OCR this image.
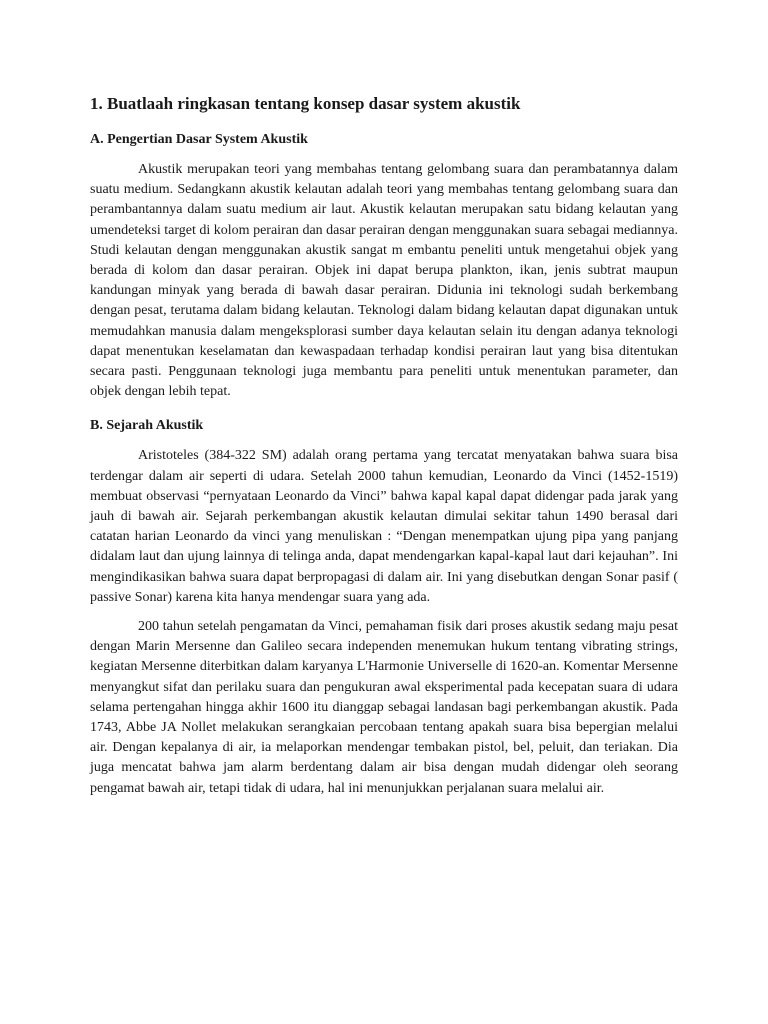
1. Buatlaah ringkasan tentang konsep dasar system akustik
A. Pengertian Dasar System Akustik

Akustik merupakan teori yang membahas tentang gelombang suara dan perambatannya dalam suatu medium. Sedangkann akustik kelautan adalah teori yang membahas tentang gelombang suara dan perambantannya dalam suatu medium air laut. Akustik kelautan merupakan satu bidang kelautan yang umendeteksi target di kolom perairan dan dasar perairan dengan menggunakan suara sebagai mediannya. Studi kelautan dengan menggunakan akustik sangat m embantu peneliti untuk mengetahui objek yang berada di kolom dan dasar perairan. Objek ini dapat berupa plankton, ikan, jenis subtrat maupun kandungan minyak yang berada di bawah dasar perairan. Didunia ini teknologi sudah berkembang dengan pesat, terutama dalam bidang kelautan. Teknologi dalam bidang kelautan dapat digunakan untuk memudahkan manusia dalam mengeksplorasi sumber daya kelautan selain itu dengan adanya teknologi dapat menentukan keselamatan dan kewaspadaan terhadap kondisi perairan laut yang bisa ditentukan secara pasti. Penggunaan teknologi juga membantu para peneliti untuk menentukan parameter, dan objek dengan lebih tepat.

B. Sejarah Akustik

Aristoteles (384-322 SM) adalah orang pertama yang tercatat menyatakan bahwa suara bisa terdengar dalam air seperti di udara. Setelah 2000 tahun kemudian, Leonardo da Vinci (1452-1519) membuat observasi “pernyataan Leonardo da Vinci” bahwa kapal kapal dapat didengar pada jarak yang jauh di bawah air. Sejarah perkembangan akustik kelautan dimulai sekitar tahun 1490 berasal dari catatan harian Leonardo da vinci yang menuliskan : “Dengan menempatkan ujung pipa yang panjang didalam laut dan ujung lainnya di telinga anda, dapat mendengarkan kapal-kapal laut dari kejauhan”. Ini mengindikasikan bahwa suara dapat berpropagasi di dalam air. Ini yang disebutkan dengan Sonar pasif ( passive Sonar) karena kita hanya mendengar suara yang ada.

200 tahun setelah pengamatan da Vinci, pemahaman fisik dari proses akustik sedang maju pesat dengan Marin Mersenne dan Galileo secara independen menemukan hukum tentang vibrating strings, kegiatan Mersenne diterbitkan dalam karyanya L'Harmonie Universelle di 1620-an. Komentar Mersenne menyangkut sifat dan perilaku suara dan pengukuran awal eksperimental pada kecepatan suara di udara selama pertengahan hingga akhir 1600 itu dianggap sebagai landasan bagi perkembangan akustik. Pada 1743, Abbe JA Nollet melakukan serangkaian percobaan tentang apakah suara bisa bepergian melalui air. Dengan kepalanya di air, ia melaporkan mendengar tembakan pistol, bel, peluit, dan teriakan. Dia juga mencatat bahwa jam alarm berdentang dalam air bisa dengan mudah didengar oleh seorang pengamat bawah air, tetapi tidak di udara, hal ini menunjukkan perjalanan suara melalui air.
